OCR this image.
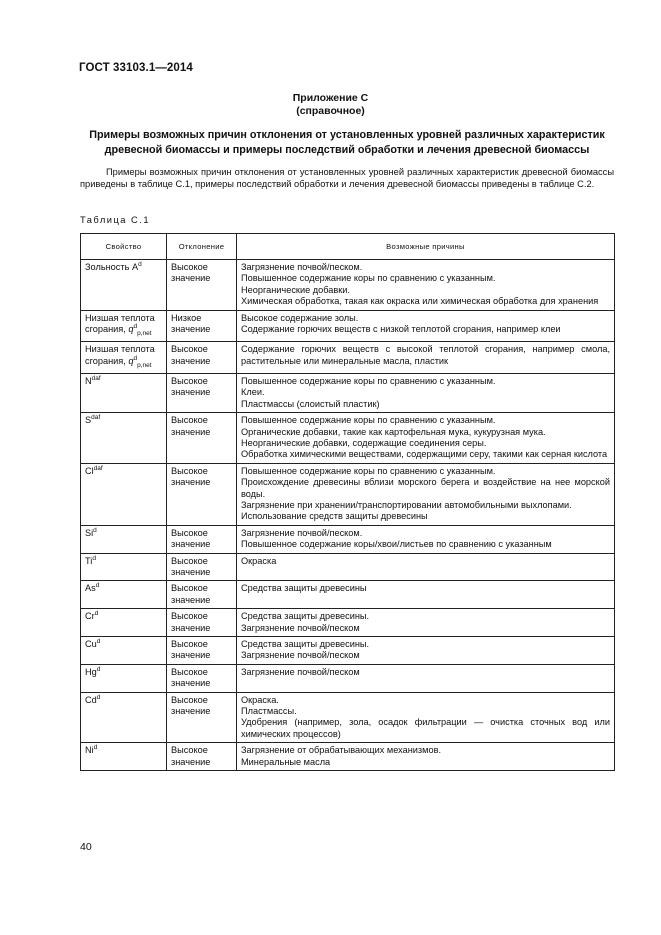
ГОСТ 33103.1—2014
Приложение С
(справочное)
Примеры возможных причин отклонения от установленных уровней различных характеристик древесной биомассы и примеры последствий обработки и лечения древесной биомассы
Примеры возможных причин отклонения от установленных уровней различных характеристик древесной биомассы приведены в таблице С.1, примеры последствий обработки и лечения древесной биомассы приведены в таблице С.2.
Таблица С.1
Свойство	Отклонение	Возможные причины
Зольность $A^d$	Высокое значение	Загрязнение почвой/песком.
Повышенное содержание коры по сравнению с указанным.
Неорганические добавки.
Химическая обработка, такая как окраска или химическая обработка для хранения

Низшая теплота сгорания, $q^d_{p,net}$	Низкое значение	Высокое содержание золы.
Содержание горючих веществ с низкой теплотой сгорания, например клеи

Низшая теплота сгорания, $q^d_{p,net}$	Высокое значение	Содержание горючих веществ с высокой теплотой сгорания, например смола, растительные или минеральные масла, пластик

$N^{daf}$	Высокое значение	Повышенное содержание коры по сравнению с указанным.
Клеи.
Пластмассы (слоистый пластик)

$S^{daf}$	Высокое значение	Повышенное содержание коры по сравнению с указанным.
Органические добавки, такие как картофельная мука, кукурузная мука.
Неорганические добавки, содержащие соединения серы.
Обработка химическими веществами, содержащими серу, такими как серная кислота

$Cl^{daf}$	Высокое значение	Повышенное содержание коры по сравнению с указанным.
Происхождение древесины вблизи морского берега и воздействие на нее морской воды.
Загрязнение при хранении/транспортировании автомобильными выхлопами.
Использование средств защиты древесины

Si$^d$	Высокое значение	Загрязнение почвой/песком.
Повышенное содержание коры/хвои/листьев по сравнению с указанным

Ti$^d$	Высокое значение	Окраска

As$^d$	Высокое значение	Средства защиты древесины

Cr$^d$	Высокое значение	Средства защиты древесины.
Загрязнение почвой/песком

Cu$^d$	Высокое значение	Средства защиты древесины.
Загрязнение почвой/песком

Hg$^d$	Высокое значение	Загрязнение почвой/песком

Cd$^d$	Высокое значение	Окраска.
Пластмассы.
Удобрения (например, зола, осадок фильтрации — очистка сточных вод или химических процессов)

Ni$^d$	Высокое значение	Загрязнение от обрабатывающих механизмов.
Минеральные масла
40
